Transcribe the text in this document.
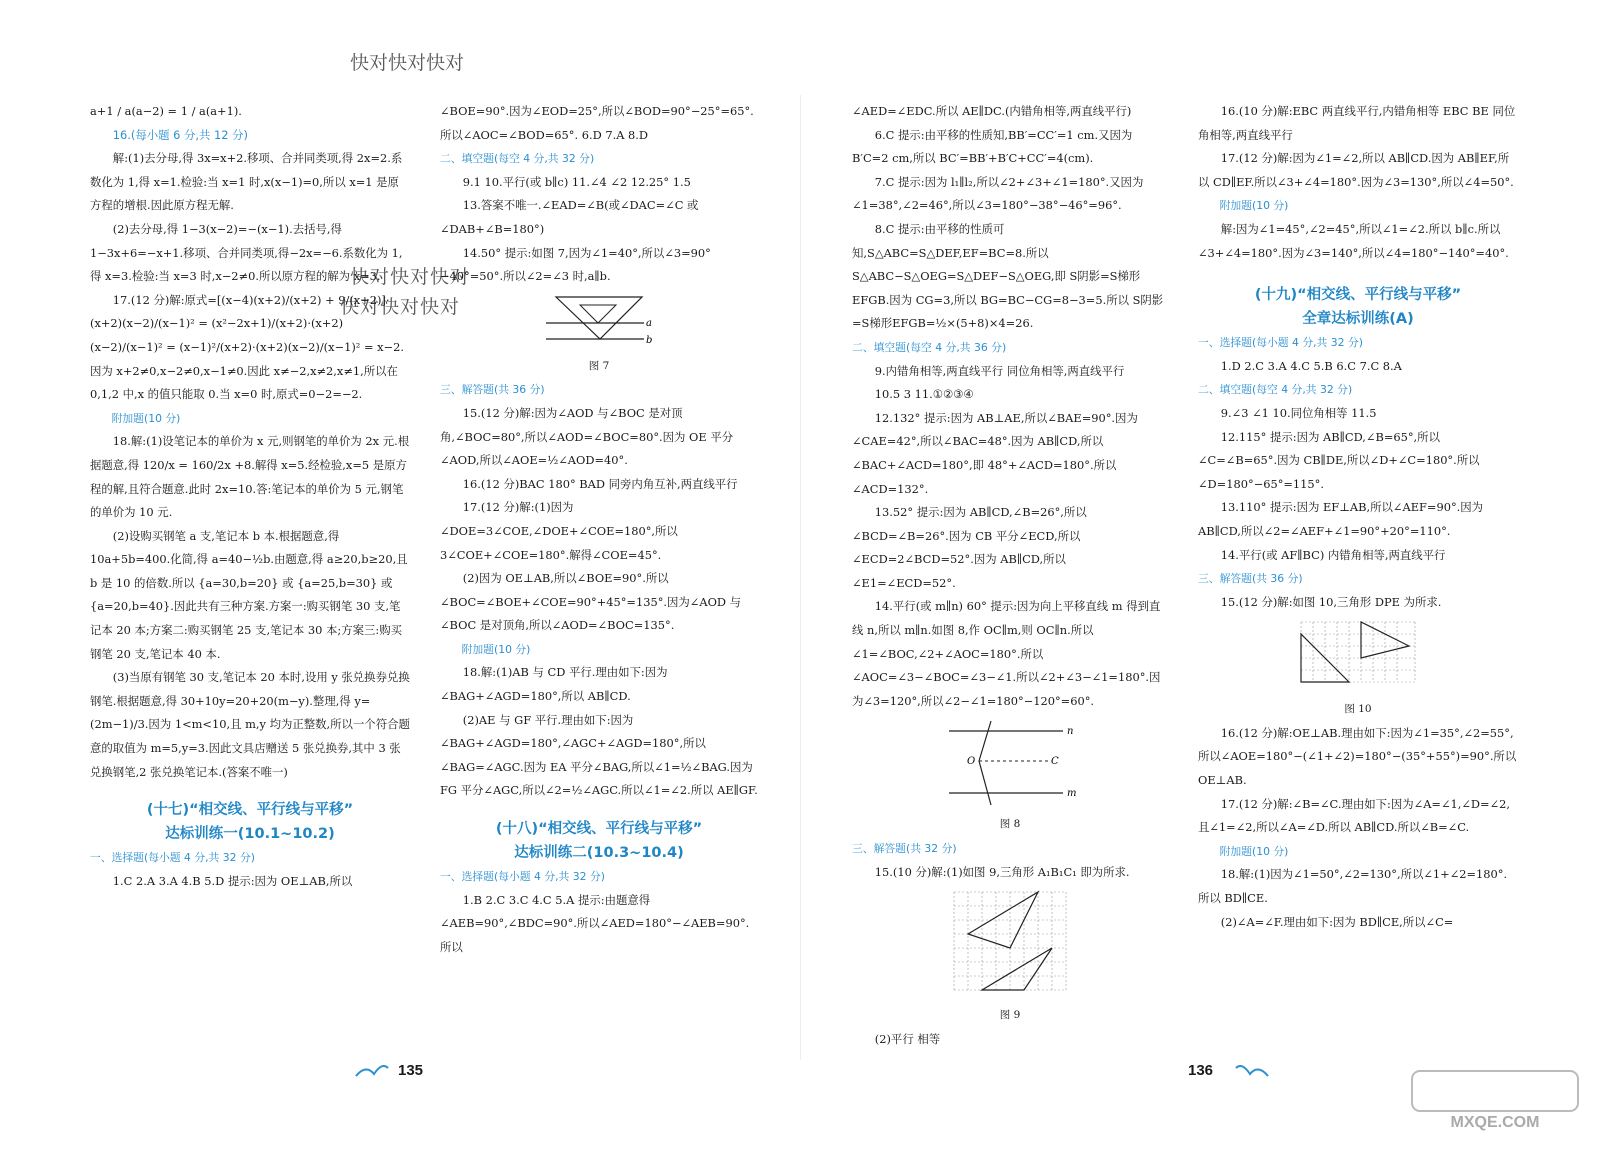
快对快对快对
快对快对快对
快对快对快对

a+1 / a(a−2) = 1 / a(a+1).

16.(每小题 6 分,共 12 分)

解:(1)去分母,得 3x=x+2.移项、合并同类项,得 2x=2.系数化为 1,得 x=1.检验:当 x=1 时,x(x−1)=0,所以 x=1 是原方程的增根.因此原方程无解.

(2)去分母,得 1−3(x−2)=−(x−1).去括号,得 1−3x+6=−x+1.移项、合并同类项,得−2x=−6.系数化为 1,得 x=3.检验:当 x=3 时,x−2≠0.所以原方程的解为 x=3.

17.(12 分)解:原式=[(x−4)(x+2)/(x+2) + 9/(x+2)]· (x+2)(x−2)/(x−1)² = (x²−2x+1)/(x+2)·(x+2)(x−2)/(x−1)² = (x−1)²/(x+2)·(x+2)(x−2)/(x−1)² = x−2.因为 x+2≠0,x−2≠0,x−1≠0.因此 x≠−2,x≠2,x≠1,所以在 0,1,2 中,x 的值只能取 0.当 x=0 时,原式=0−2=−2.

附加题(10 分)

18.解:(1)设笔记本的单价为 x 元,则钢笔的单价为 2x 元.根据题意,得 120/x = 160/2x +8.解得 x=5.经检验,x=5 是原方程的解,且符合题意.此时 2x=10.答:笔记本的单价为 5 元,钢笔的单价为 10 元.

(2)设购买钢笔 a 支,笔记本 b 本.根据题意,得 10a+5b=400.化简,得 a=40−½b.由题意,得 a≥20,b≥20,且 b 是 10 的倍数.所以 {a=30,b=20} 或 {a=25,b=30} 或 {a=20,b=40}.因此共有三种方案.方案一:购买钢笔 30 支,笔记本 20 本;方案二:购买钢笔 25 支,笔记本 30 本;方案三:购买钢笔 20 支,笔记本 40 本.

(3)当原有钢笔 30 支,笔记本 20 本时,设用 y 张兑换券兑换钢笔.根据题意,得 30+10y=20+20(m−y).整理,得 y=(2m−1)/3.因为 1<m<10,且 m,y 均为正整数,所以一个符合题意的取值为 m=5,y=3.因此文具店赠送 5 张兑换券,其中 3 张兑换钢笔,2 张兑换笔记本.(答案不唯一)

(十七)“相交线、平行线与平移”

达标训练一(10.1~10.2)

一、选择题(每小题 4 分,共 32 分)

1.C 2.A 3.A 4.B 5.D 提示:因为 OE⊥AB,所以

∠BOE=90°.因为∠EOD=25°,所以∠BOD=90°−25°=65°.所以∠AOC=∠BOD=65°. 6.D 7.A 8.D

二、填空题(每空 4 分,共 32 分)

9.1 10.平行(或 b∥c) 11.∠4 ∠2 12.25° 1.5

13.答案不唯一.∠EAD=∠B(或∠DAC=∠C 或∠DAB+∠B=180°)

14.50° 提示:如图 7,因为∠1=40°,所以∠3=90°−40°=50°.所以∠2=∠3 时,a∥b.

a
b

图 7

三、解答题(共 36 分)

15.(12 分)解:因为∠AOD 与∠BOC 是对顶角,∠BOC=80°,所以∠AOD=∠BOC=80°.因为 OE 平分∠AOD,所以∠AOE=½∠AOD=40°.

16.(12 分)BAC 180° BAD 同旁内角互补,两直线平行

17.(12 分)解:(1)因为∠DOE=3∠COE,∠DOE+∠COE=180°,所以 3∠COE+∠COE=180°.解得∠COE=45°.

(2)因为 OE⊥AB,所以∠BOE=90°.所以∠BOC=∠BOE+∠COE=90°+45°=135°.因为∠AOD 与∠BOC 是对顶角,所以∠AOD=∠BOC=135°.

附加题(10 分)

18.解:(1)AB 与 CD 平行.理由如下:因为∠BAG+∠AGD=180°,所以 AB∥CD.

(2)AE 与 GF 平行.理由如下:因为∠BAG+∠AGD=180°,∠AGC+∠AGD=180°,所以∠BAG=∠AGC.因为 EA 平分∠BAG,所以∠1=½∠BAG.因为 FG 平分∠AGC,所以∠2=½∠AGC.所以∠1=∠2.所以 AE∥GF.

(十八)“相交线、平行线与平移”

达标训练二(10.3~10.4)

一、选择题(每小题 4 分,共 32 分)

1.B 2.C 3.C 4.C 5.A 提示:由题意得∠AEB=90°,∠BDC=90°.所以∠AED=180°−∠AEB=90°.所以

∠AED=∠EDC.所以 AE∥DC.(内错角相等,两直线平行)

6.C 提示:由平移的性质知,BB′=CC′=1 cm.又因为 B′C=2 cm,所以 BC′=BB′+B′C+CC′=4(cm).

7.C 提示:因为 l₁∥l₂,所以∠2+∠3+∠1=180°.又因为∠1=38°,∠2=46°,所以∠3=180°−38°−46°=96°.

8.C 提示:由平移的性质可知,S△ABC=S△DEF,EF=BC=8.所以 S△ABC−S△OEG=S△DEF−S△OEG,即 S阴影=S梯形EFGB.因为 CG=3,所以 BG=BC−CG=8−3=5.所以 S阴影=S梯形EFGB=½×(5+8)×4=26.

二、填空题(每空 4 分,共 36 分)

9.内错角相等,两直线平行 同位角相等,两直线平行

10.5 3 11.①②③④

12.132° 提示:因为 AB⊥AE,所以∠BAE=90°.因为∠CAE=42°,所以∠BAC=48°.因为 AB∥CD,所以∠BAC+∠ACD=180°,即 48°+∠ACD=180°.所以∠ACD=132°.

13.52° 提示:因为 AB∥CD,∠B=26°,所以∠BCD=∠B=26°.因为 CB 平分∠ECD,所以∠ECD=2∠BCD=52°.因为 AB∥CD,所以∠E1=∠ECD=52°.

14.平行(或 m∥n) 60° 提示:因为向上平移直线 m 得到直线 n,所以 m∥n.如图 8,作 OC∥m,则 OC∥n.所以∠1=∠BOC,∠2+∠AOC=180°.所以∠AOC=∠3−∠BOC=∠3−∠1.所以∠2+∠3−∠1=180°.因为∠3=120°,所以∠2−∠1=180°−120°=60°.

n
m
C
O

图 8

三、解答题(共 32 分)

15.(10 分)解:(1)如图 9,三角形 A₁B₁C₁ 即为所求.

图 9

(2)平行 相等

16.(10 分)解:EBC 两直线平行,内错角相等 EBC BE 同位角相等,两直线平行

17.(12 分)解:因为∠1=∠2,所以 AB∥CD.因为 AB∥EF,所以 CD∥EF.所以∠3+∠4=180°.因为∠3=130°,所以∠4=50°.

附加题(10 分)

解:因为∠1=45°,∠2=45°,所以∠1=∠2.所以 b∥c.所以∠3+∠4=180°.因为∠3=140°,所以∠4=180°−140°=40°.

(十九)“相交线、平行线与平移”

全章达标训练(A)

一、选择题(每小题 4 分,共 32 分)

1.D 2.C 3.A 4.C 5.B 6.C 7.C 8.A

二、填空题(每空 4 分,共 32 分)

9.∠3 ∠1 10.同位角相等 11.5

12.115° 提示:因为 AB∥CD,∠B=65°,所以∠C=∠B=65°.因为 CB∥DE,所以∠D+∠C=180°.所以∠D=180°−65°=115°.

13.110° 提示:因为 EF⊥AB,所以∠AEF=90°.因为 AB∥CD,所以∠2=∠AEF+∠1=90°+20°=110°.

14.平行(或 AF∥BC) 内错角相等,两直线平行

三、解答题(共 36 分)

15.(12 分)解:如图 10,三角形 DPE 为所求.

图 10

16.(12 分)解:OE⊥AB.理由如下:因为∠1=35°,∠2=55°,所以∠AOE=180°−(∠1+∠2)=180°−(35°+55°)=90°.所以 OE⊥AB.

17.(12 分)解:∠B=∠C.理由如下:因为∠A=∠1,∠D=∠2,且∠1=∠2,所以∠A=∠D.所以 AB∥CD.所以∠B=∠C.

附加题(10 分)

18.解:(1)因为∠1=50°,∠2=130°,所以∠1+∠2=180°.所以 BD∥CE.

(2)∠A=∠F.理由如下:因为 BD∥CE,所以∠C=

135	136
MXQE.COM
